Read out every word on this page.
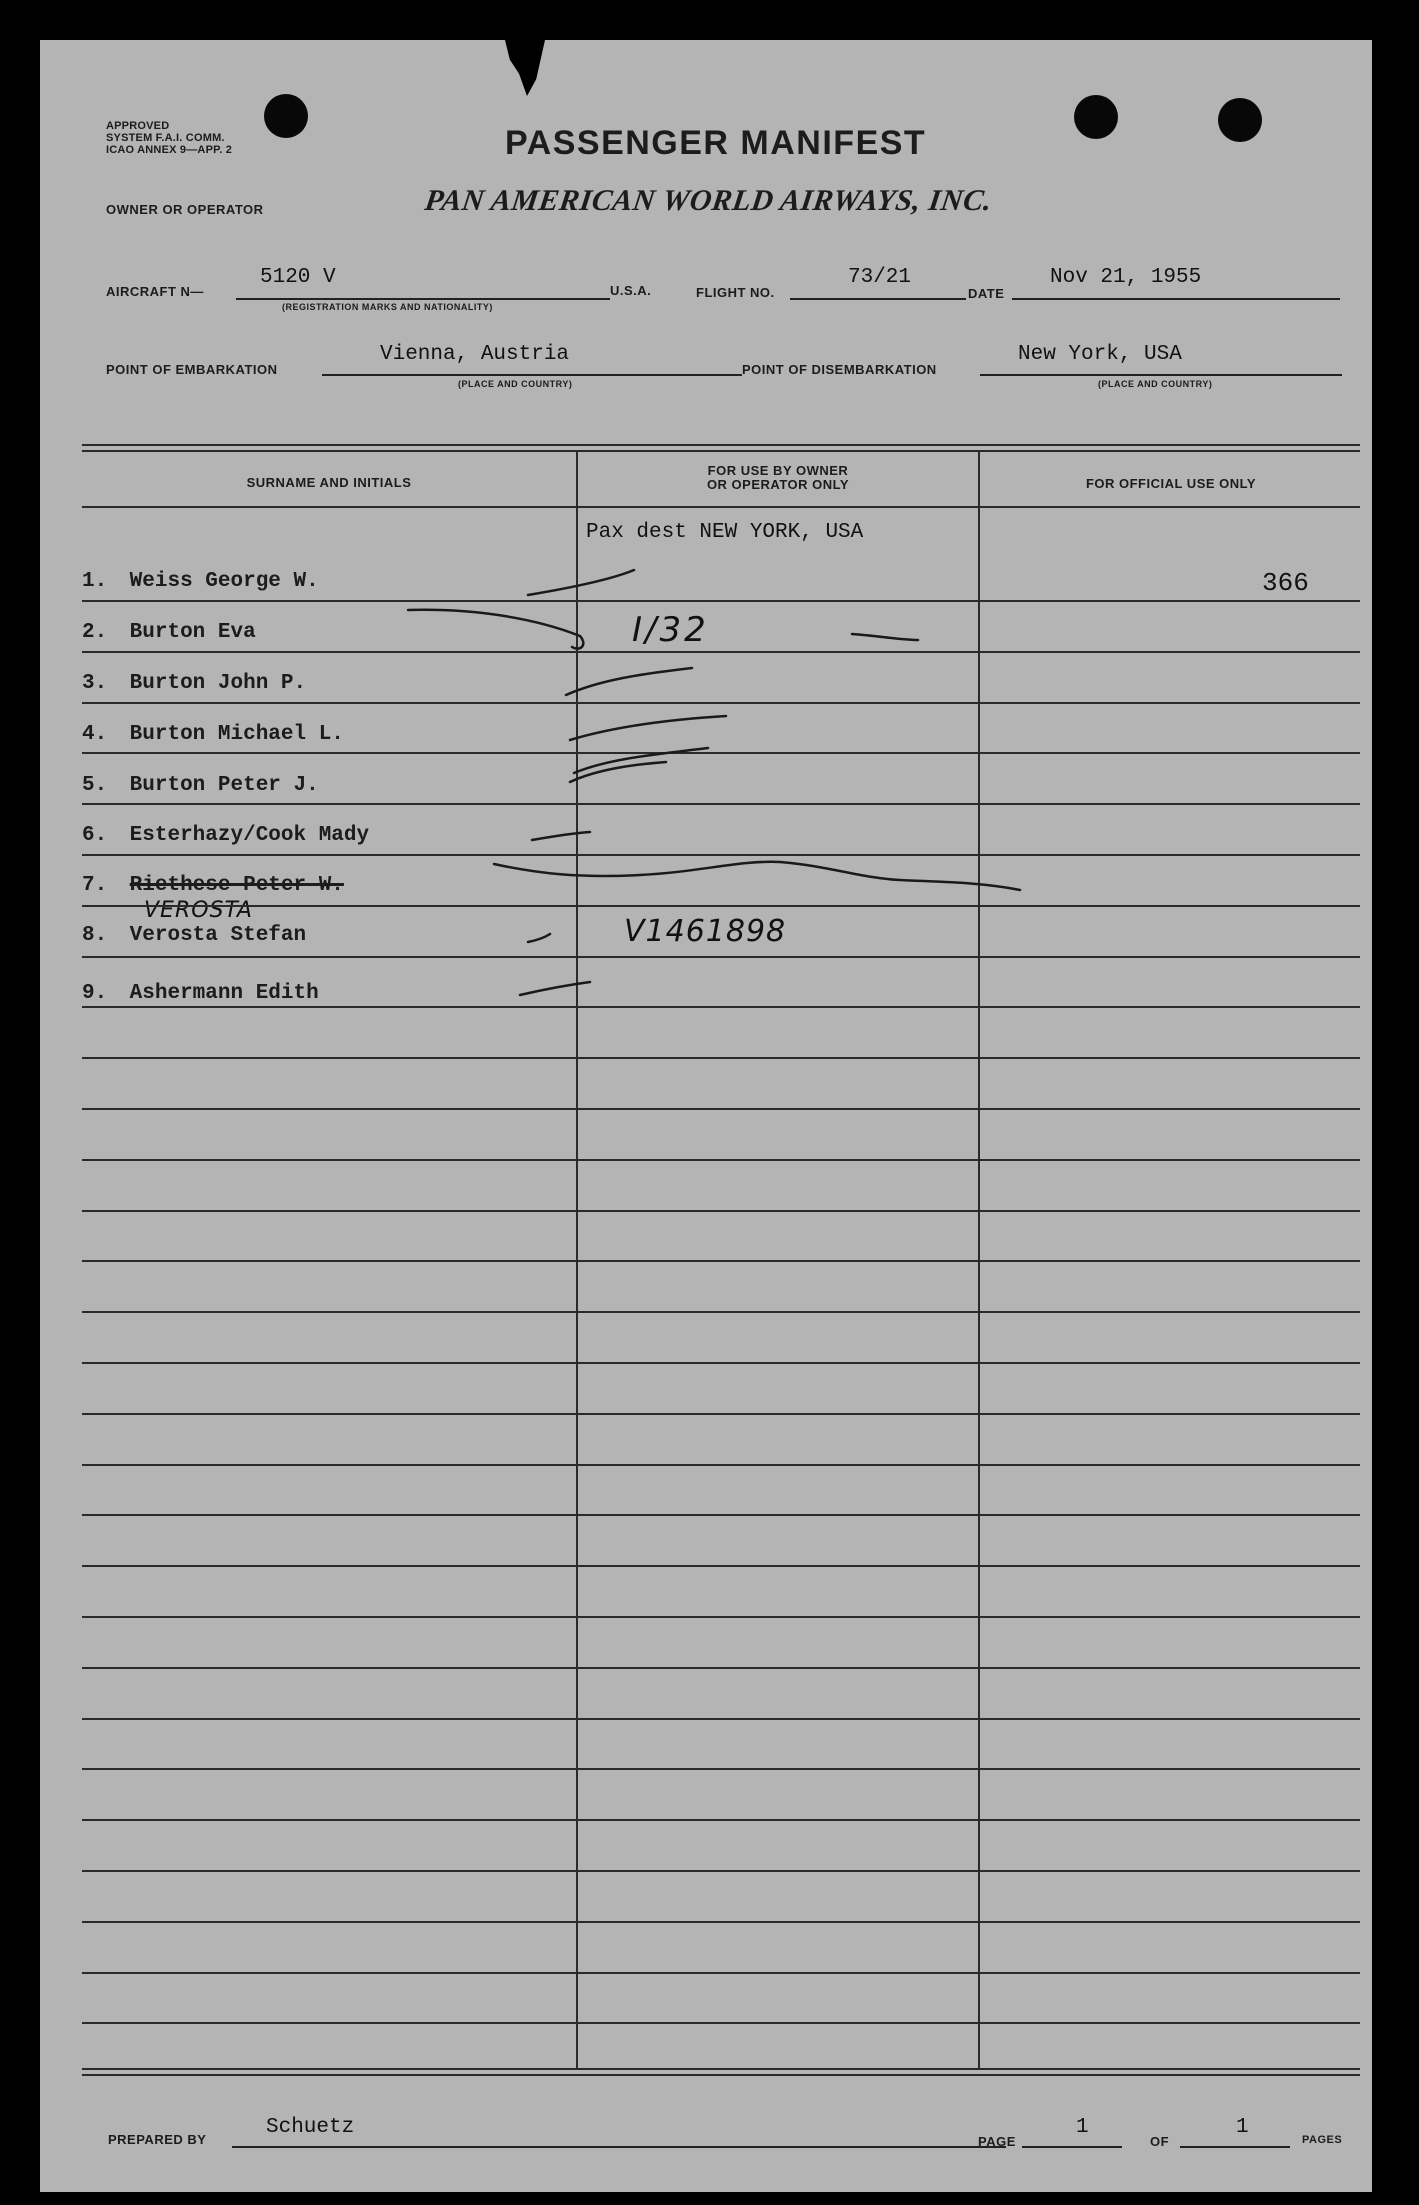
APPROVED
SYSTEM F.A.I. COMM.
ICAO ANNEX 9—APP. 2
OWNER OR OPERATOR
PASSENGER MANIFEST
PAN AMERICAN WORLD AIRWAYS, INC.
AIRCRAFT N—
5120 V
(REGISTRATION MARKS AND NATIONALITY)
U.S.A.	FLIGHT NO.
73/21
DATE
Nov 21, 1955
POINT OF EMBARKATION
Vienna, Austria
(PLACE AND COUNTRY)
POINT OF DISEMBARKATION
New York, USA
(PLACE AND COUNTRY)
SURNAME AND INITIALS
FOR USE BY OWNER
OR OPERATOR ONLY	FOR OFFICIAL USE ONLY
Pax dest NEW YORK, USA
366
1. Weiss George W.
2. Burton Eva
3. Burton John P.
4. Burton Michael L.
5. Burton Peter J.
6. Esterhazy/Cook Mady
7. Riethese Peter W.
8. Verosta Stefan
9. Ashermann Edith
I/32
V1461898
VEROSTA
PREPARED BY
Schuetz
PAGE
1
OF
1
PAGES
